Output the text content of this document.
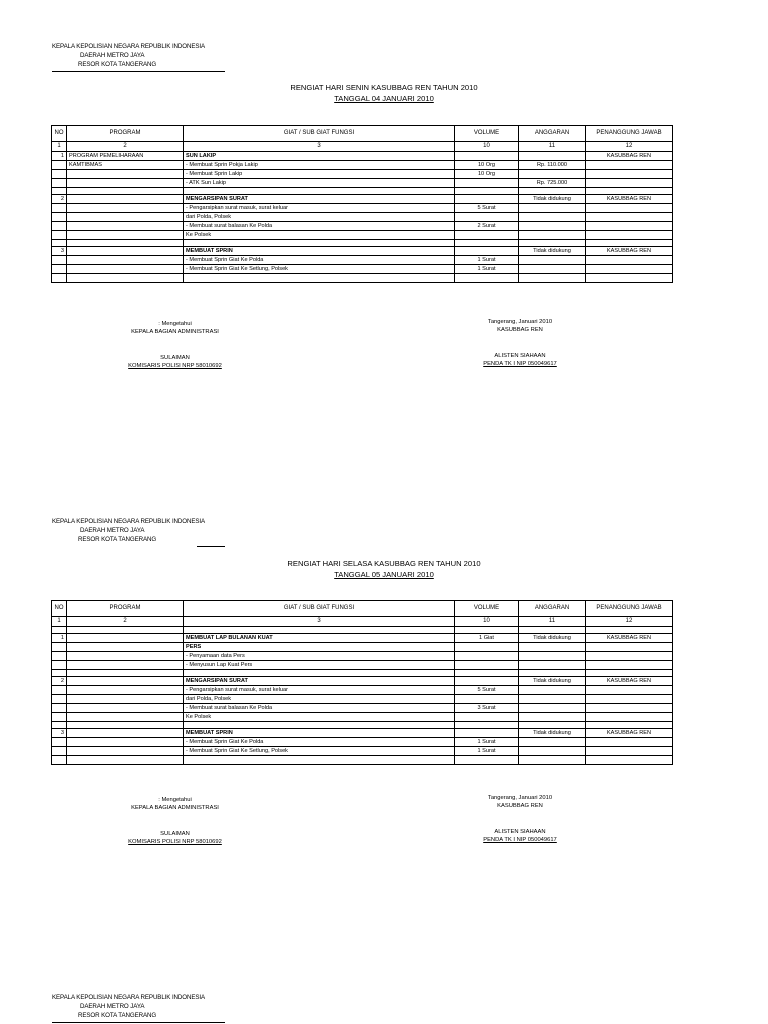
KEPALA KEPOLISIAN NEGARA REPUBLIK INDONESIA
DAERAH METRO JAYA
RESOR KOTA TANGERANG
RENGIAT HARI SENIN KASUBBAG REN TAHUN 2010
TANGGAL 04 JANUARI 2010
NO	PROGRAM	GIAT / SUB GIAT FUNGSI	VOLUME	ANGGARAN	PENANGGUNG JAWAB
1	2	3	10	11	12
1	PROGRAM PEMELIHARAAN	SUN LAKIP			KASUBBAG REN
	KAMTIBMAS	- Membuat Sprin Pokja Lakip	10 Org	Rp. 110.000	
		- Membuat Sprin Lakip	10 Org		
		- ATK Sun Lakip		Rp. 725.000	

2		MENGARSIPAN SURAT		Tidak didukung	KASUBBAG REN
		- Pengarsipkan surat masuk, surat keluar	5 Surat		
		dari Polda, Polsek			
		- Membuat surat balasan Ke Polda	2 Surat		
		Ke Polsek			

3		MEMBUAT SPRIN		Tidak didukung	KASUBBAG REN
		- Membuat Sprin Giat Ke Polda	1 Surat		
		- Membuat Sprin Giat Ke Setlung, Polsek	1 Surat		

: Mengetahui
KEPALA BAGIAN ADMINISTRASI
SULAIMAN
KOMISARIS POLISI NRP 58010692
Tangerang, Januari 2010
KASUBBAG REN
ALISTEN SIAHAAN
PENDA TK I NIP 050049617
KEPALA KEPOLISIAN NEGARA REPUBLIK INDONESIA
DAERAH METRO JAYA
RESOR KOTA TANGERANG
RENGIAT HARI SELASA KASUBBAG REN TAHUN 2010
TANGGAL 05 JANUARI 2010
NO	PROGRAM	GIAT / SUB GIAT FUNGSI	VOLUME	ANGGARAN	PENANGGUNG JAWAB
1	2	3	10	11	12

1		MEMBUAT LAP BULANAN KUAT	1 Giat	Tidak didukung	KASUBBAG REN
		PERS			
		- Penyamaan data Pers			
		- Menyusun Lap Kuat Pers			

2		MENGARSIPAN SURAT		Tidak didukung	KASUBBAG REN
		- Pengarsipkan surat masuk, surat keluar	5 Surat		
		dari Polda, Polsek			
		- Membuat surat balasan Ke Polda	3 Surat		
		Ke Polsek			

3		MEMBUAT SPRIN		Tidak didukung	KASUBBAG REN
		- Membuat Sprin Giat Ke Polda	1 Surat		
		- Membuat Sprin Giat Ke Setlung, Polsek	1 Surat		

: Mengetahui
KEPALA BAGIAN ADMINISTRASI
SULAIMAN
KOMISARIS POLISI NRP 58010692
Tangerang, Januari 2010
KASUBBAG REN
ALISTEN SIAHAAN
PENDA TK I NIP 050049617
KEPALA KEPOLISIAN NEGARA REPUBLIK INDONESIA
DAERAH METRO JAYA
RESOR KOTA TANGERANG
